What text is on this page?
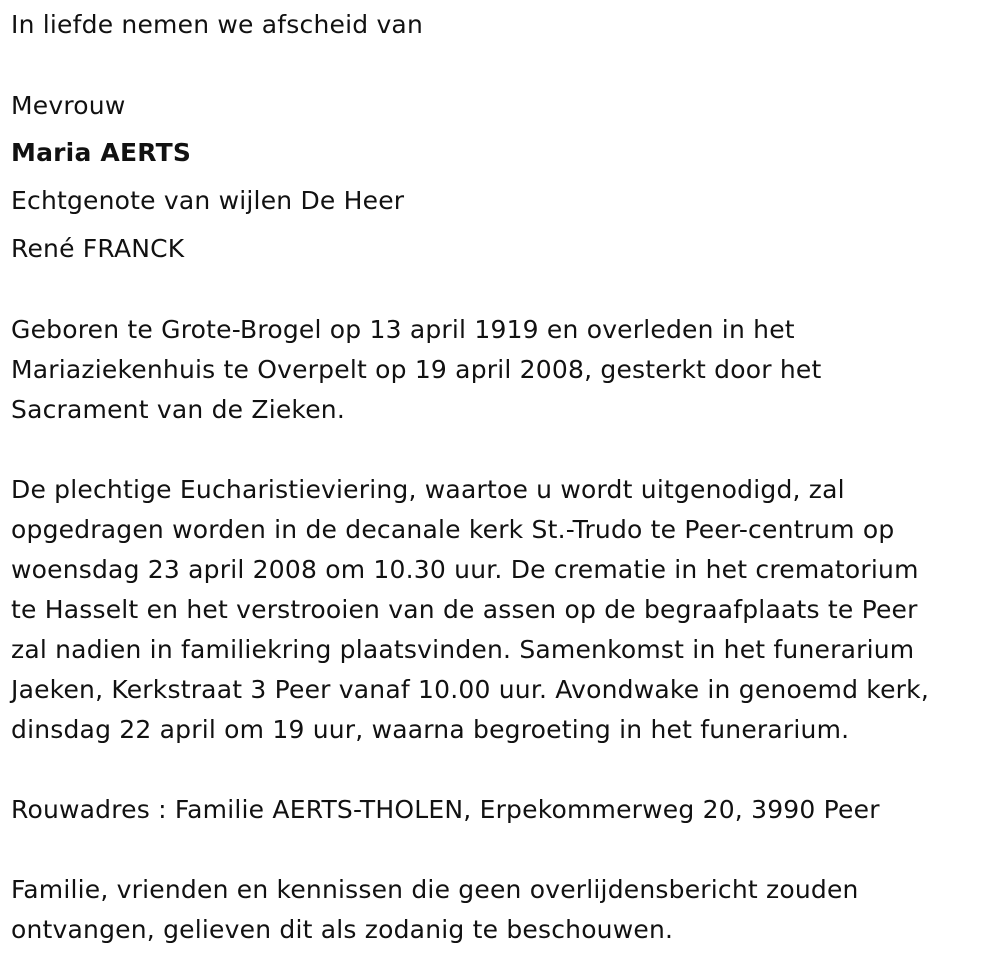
In liefde nemen we afscheid van
Mevrouw
Maria AERTS
Echtgenote van wijlen De Heer
René FRANCK
Geboren te Grote-Brogel op 13 april 1919 en overleden in het
Mariaziekenhuis te Overpelt op 19 april 2008, gesterkt door het
Sacrament van de Zieken.
De plechtige Eucharistieviering, waartoe u wordt uitgenodigd, zal
opgedragen worden in de decanale kerk St.-Trudo te Peer-centrum op
woensdag 23 april 2008 om 10.30 uur. De crematie in het crematorium
te Hasselt en het verstrooien van de assen op de begraafplaats te Peer
zal nadien in familiekring plaatsvinden. Samenkomst in het funerarium
Jaeken, Kerkstraat 3 Peer vanaf 10.00 uur. Avondwake in genoemd kerk,
dinsdag 22 april om 19 uur, waarna begroeting in het funerarium.
Rouwadres : Familie AERTS-THOLEN, Erpekommerweg 20, 3990 Peer
Familie, vrienden en kennissen die geen overlijdensbericht zouden
ontvangen, gelieven dit als zodanig te beschouwen.
